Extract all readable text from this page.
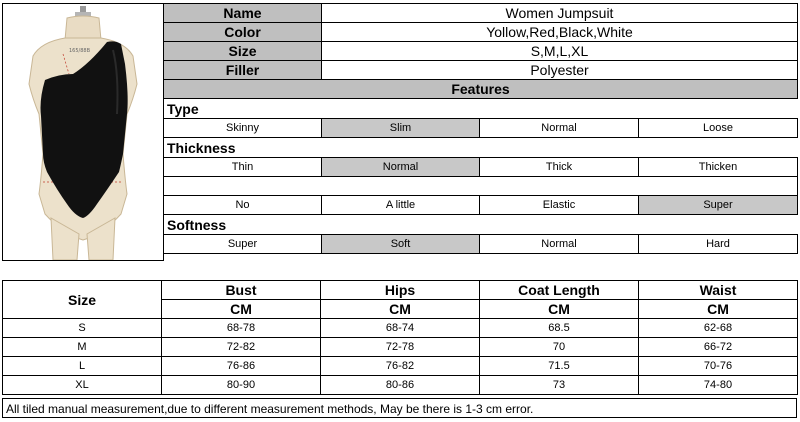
165/88B
Name	Women Jumpsuit		
Color	Yollow,Red,Black,White		
Size	S,M,L,XL		
Filler	Polyester		
Features			
Type			
Skinny	Slim	Normal	Loose
Thickness			
Thin	Normal	Thick	Thicken

No	A little	Elastic	Super
Softness			
Super	Soft	Normal	Hard
Size	Bust	Hips	Coat Length	Waist
	CM	CM	CM	CM
S	68-78	68-74	68.5	62-68
M	72-82	72-78	70	66-72
L	76-86	76-82	71.5	70-76
XL	80-90	80-86	73	74-80
All tiled manual measurement,due to different measurement methods, May be there is 1-3 cm error.
